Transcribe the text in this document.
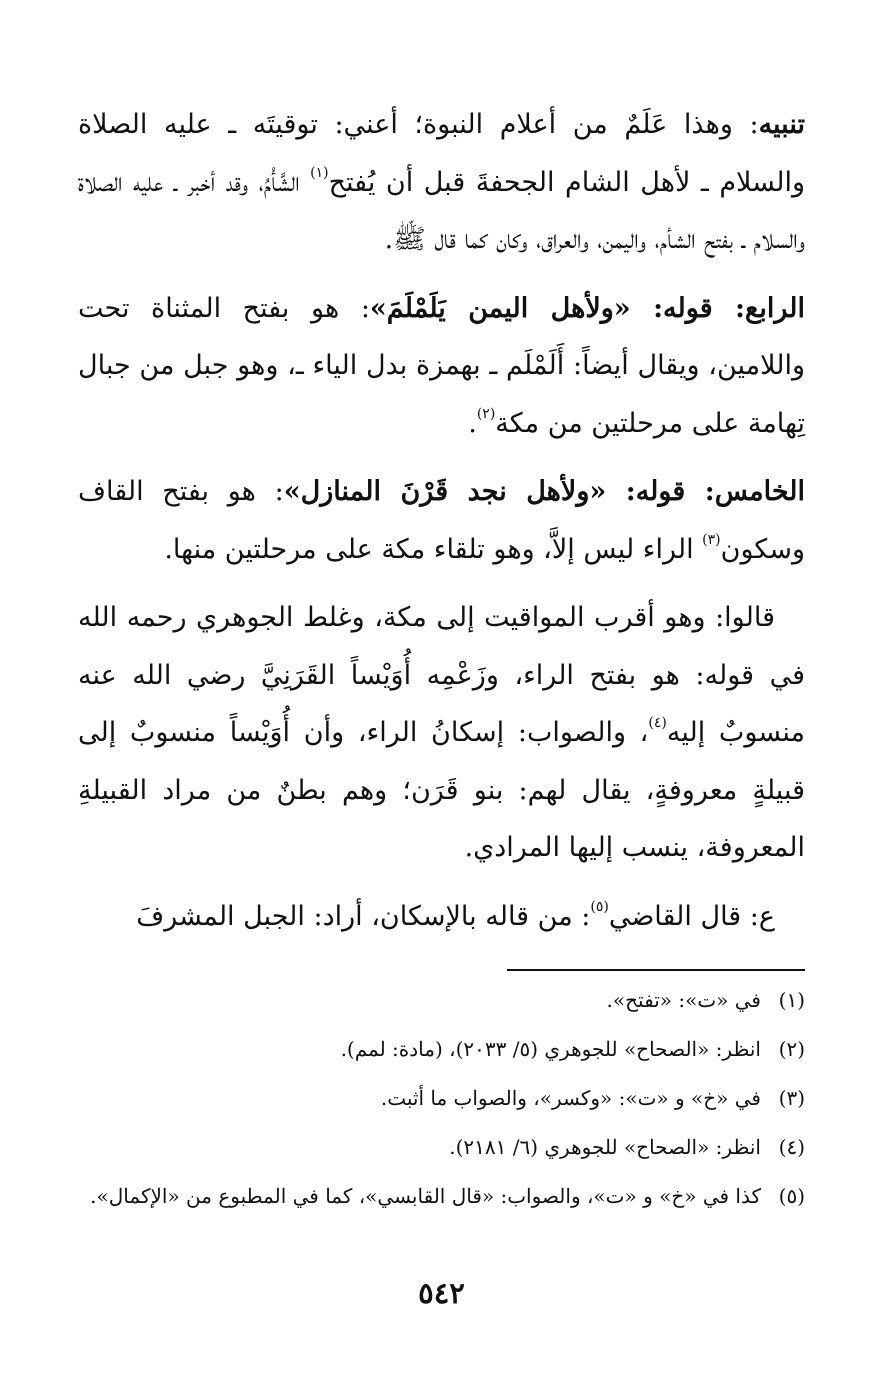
تنبيه: وهذا عَلَمٌ من أعلام النبوة؛ أعني: توقيتَه ـ عليه الصلاة والسلام ـ لأهل الشام الجحفةَ قبل أن يُفتح$^{(١)}$ الشَّأْمُ، وقد أخبر ـ عليه الصلاة والسلام ـ بفتح الشأم، واليمن، والعراق، وكان كما قال ﷺ.

الرابع: قوله: «ولأهل اليمن يَلَمْلَمَ»: هو بفتح المثناة تحت واللامين، ويقال أيضاً: أَلَمْلَم ـ بهمزة بدل الياء ـ، وهو جبل من جبال تِهامة على مرحلتين من مكة$^{(٢)}$.

الخامس: قوله: «ولأهل نجد قَرْنَ المنازل»: هو بفتح القاف وسكون$^{(٣)}$ الراء ليس إلاَّ، وهو تلقاء مكة على مرحلتين منها.

قالوا: وهو أقرب المواقيت إلى مكة، وغلط الجوهري رحمه الله في قوله: هو بفتح الراء، وزَعْمِه أُوَيْساً القَرَنِيَّ رضي الله عنه منسوبٌ إليه$^{(٤)}$، والصواب: إسكانُ الراء، وأن أُوَيْساً منسوبٌ إلى قبيلةٍ معروفةٍ، يقال لهم: بنو قَرَن؛ وهم بطنٌ من مراد القبيلةِ المعروفة، ينسب إليها المرادي.

ع: قال القاضي$^{(٥)}$: من قاله بالإسكان، أراد: الجبل المشرفَ

(١)
في «ت»: «تفتح».
(٢)
انظر: «الصحاح» للجوهري (٥/ ٢٠٣٣)، (مادة: لمم).
(٣)
في «خ» و «ت»: «وكسر»، والصواب ما أثبت.
(٤)
انظر: «الصحاح» للجوهري (٦/ ٢١٨١).
(٥)
كذا في «خ» و «ت»، والصواب: «قال القابسي»، كما في المطبوع من «الإكمال».
٥٤٢
